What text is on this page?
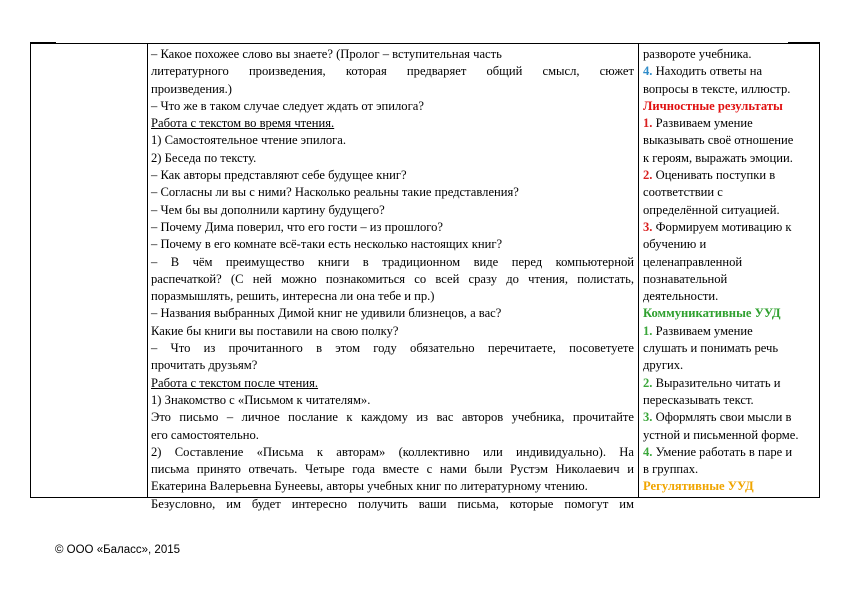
– Какое похожее слово вы знаете? (Пролог – вступительная часть
литературного произведения, которая предваряет общий смысл, сюжет
произведения.)
– Что же в таком случае следует ждать от эпилога?
Работа с текстом во время чтения.
1) Самостоятельное чтение эпилога.
2) Беседа по тексту.
– Как авторы представляют себе будущее книг?
– Согласны ли вы с ними? Насколько реальны такие представления?
– Чем бы вы дополнили картину будущего?
– Почему Дима поверил, что его гости – из прошлого?
– Почему в его комнате всё-таки есть несколько настоящих книг?
– В чём преимущество книги в традиционном виде перед компьютерной
распечаткой? (С ней можно познакомиться со всей сразу до чтения, полистать,
поразмышлять, решить, интересна ли она тебе и пр.)
– Названия выбранных Димой книг не удивили близнецов, а вас?
Какие бы книги вы поставили на свою полку?
– Что из прочитанного в этом году обязательно перечитаете, посоветуете
прочитать друзьям?
Работа с текстом после чтения.
1) Знакомство с «Письмом к читателям».
Это письмо – личное послание к каждому из вас авторов учебника, прочитайте
его самостоятельно.
2) Составление «Письма к авторам» (коллективно или индивидуально). На
письма принято отвечать. Четыре года вместе с нами были Рустэм Николаевич и
Екатерина Валерьевна Бунеевы, авторы учебных книг по литературному чтению.
Безусловно, им будет интересно получить ваши письма, которые помогут им
развороте учебника.
4. Находить ответы на
вопросы в тексте, иллюстр.
Личностные результаты
1. Развиваем умение
выказывать своё отношение
к героям, выражать эмоции.
2. Оценивать поступки в
соответствии с
определённой ситуацией.
3. Формируем мотивацию к
обучению и
целенаправленной
познавательной
деятельности.
Коммуникативные УУД
1. Развиваем умение
слушать и понимать речь
других.
2. Выразительно читать и
пересказывать текст.
3. Оформлять свои мысли в
устной и письменной форме.
4. Умение работать в паре и
в группах.
Регулятивные УУД
© ООО «Баласс», 2015
